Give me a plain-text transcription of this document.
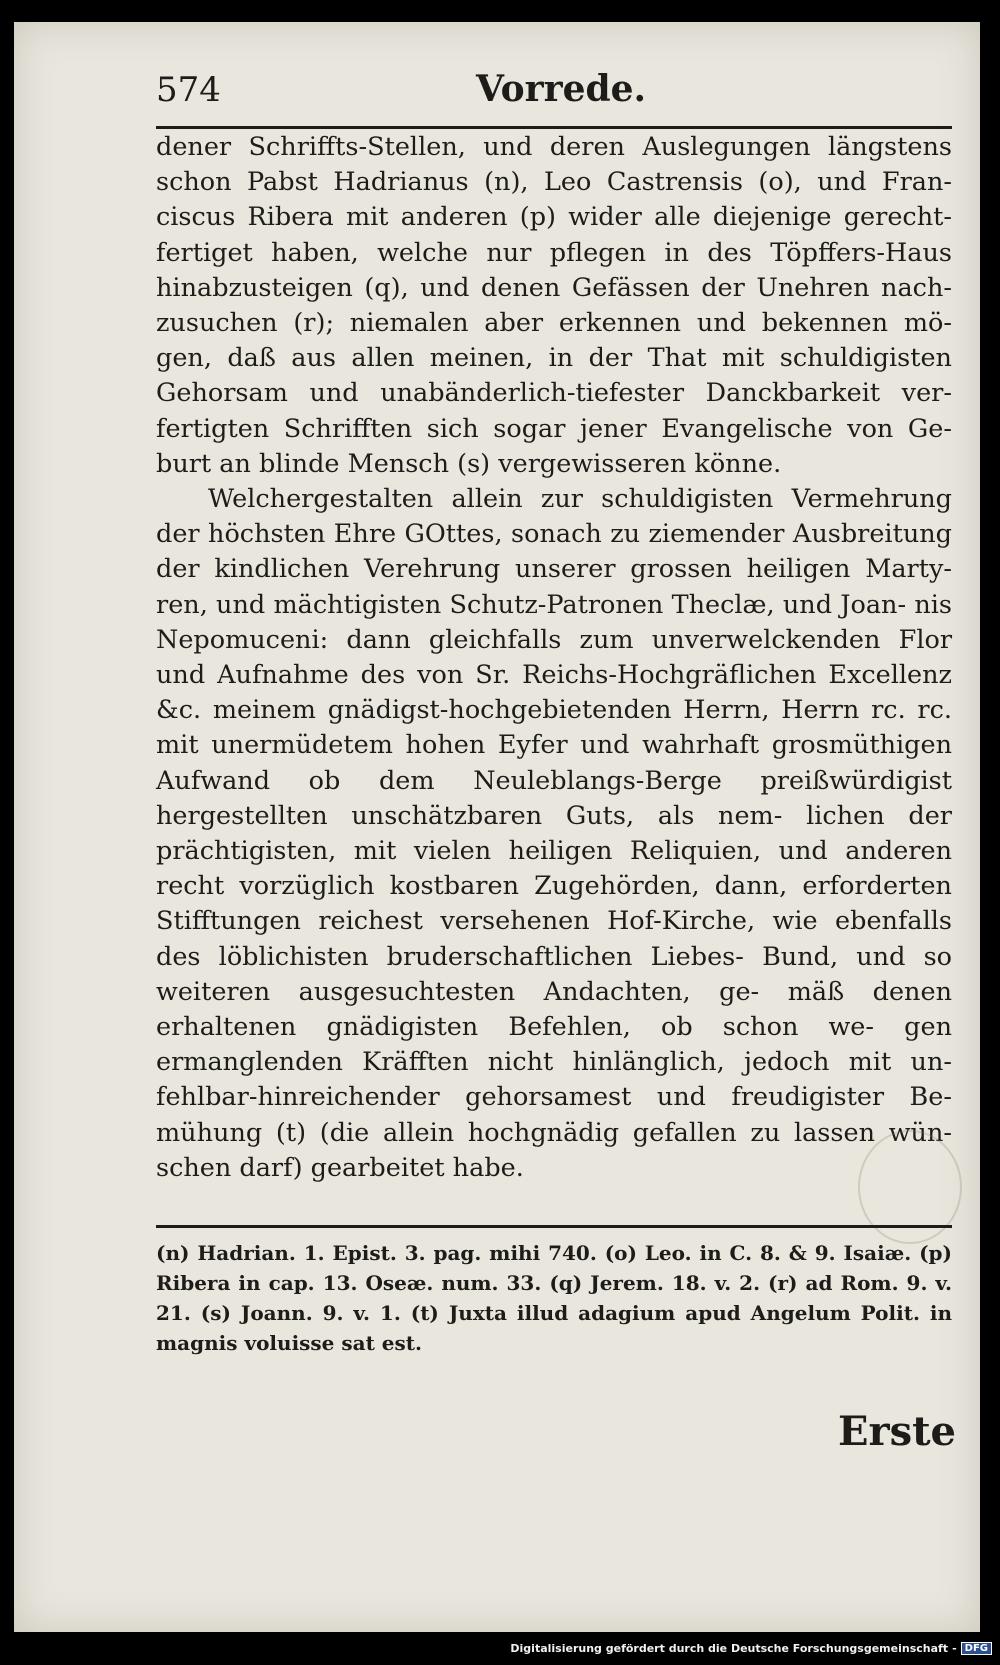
574	Vorrede.

dener Schriffts-Stellen, und deren Auslegungen längstens schon Pabst Hadrianus (n), Leo Castrensis (o), und Fran- ciscus Ribera mit anderen (p) wider alle diejenige gerecht- fertiget haben, welche nur pflegen in des Töpffers-Haus hinabzusteigen (q), und denen Gefässen der Unehren nach- zusuchen (r); niemalen aber erkennen und bekennen mö- gen, daß aus allen meinen, in der That mit schuldigisten Gehorsam und unabänderlich-tiefester Danckbarkeit ver- fertigten Schrifften sich sogar jener Evangelische von Ge- burt an blinde Mensch (s) vergewisseren könne.

Welchergestalten allein zur schuldigisten Vermehrung der höchsten Ehre GOttes, sonach zu ziemender Ausbreitung der kindlichen Verehrung unserer grossen heiligen Marty- ren, und mächtigisten Schutz-Patronen Theclæ, und Joan- nis Nepomuceni: dann gleichfalls zum unverwelckenden Flor und Aufnahme des von Sr. Reichs-Hochgräflichen Excellenz &c. meinem gnädigst-hochgebietenden Herrn, Herrn rc. rc. mit unermüdetem hohen Eyfer und wahrhaft grosmüthigen Aufwand ob dem Neuleblangs-Berge preißwürdigist hergestellten unschätzbaren Guts, als nem- lichen der prächtigisten, mit vielen heiligen Reliquien, und anderen recht vorzüglich kostbaren Zugehörden, dann, erforderten Stifftungen reichest versehenen Hof-Kirche, wie ebenfalls des löblichisten bruderschaftlichen Liebes- Bund, und so weiteren ausgesuchtesten Andachten, ge- mäß denen erhaltenen gnädigisten Befehlen, ob schon we- gen ermanglenden Kräfften nicht hinlänglich, jedoch mit un- fehlbar-hinreichender gehorsamest und freudigister Be- mühung (t) (die allein hochgnädig gefallen zu lassen wün- schen darf) gearbeitet habe.

(n) Hadrian. 1. Epist. 3. pag. mihi 740. (o) Leo. in C. 8. & 9. Isaiæ. (p) Ribera in cap. 13. Oseæ. num. 33. (q) Jerem. 18. v. 2. (r) ad Rom. 9. v. 21. (s) Joann. 9. v. 1. (t) Juxta illud adagium apud Angelum Polit. in magnis voluisse sat est.

Erste
Digitalisierung gefördert durch die Deutsche Forschungsgemeinschaft - DFG
